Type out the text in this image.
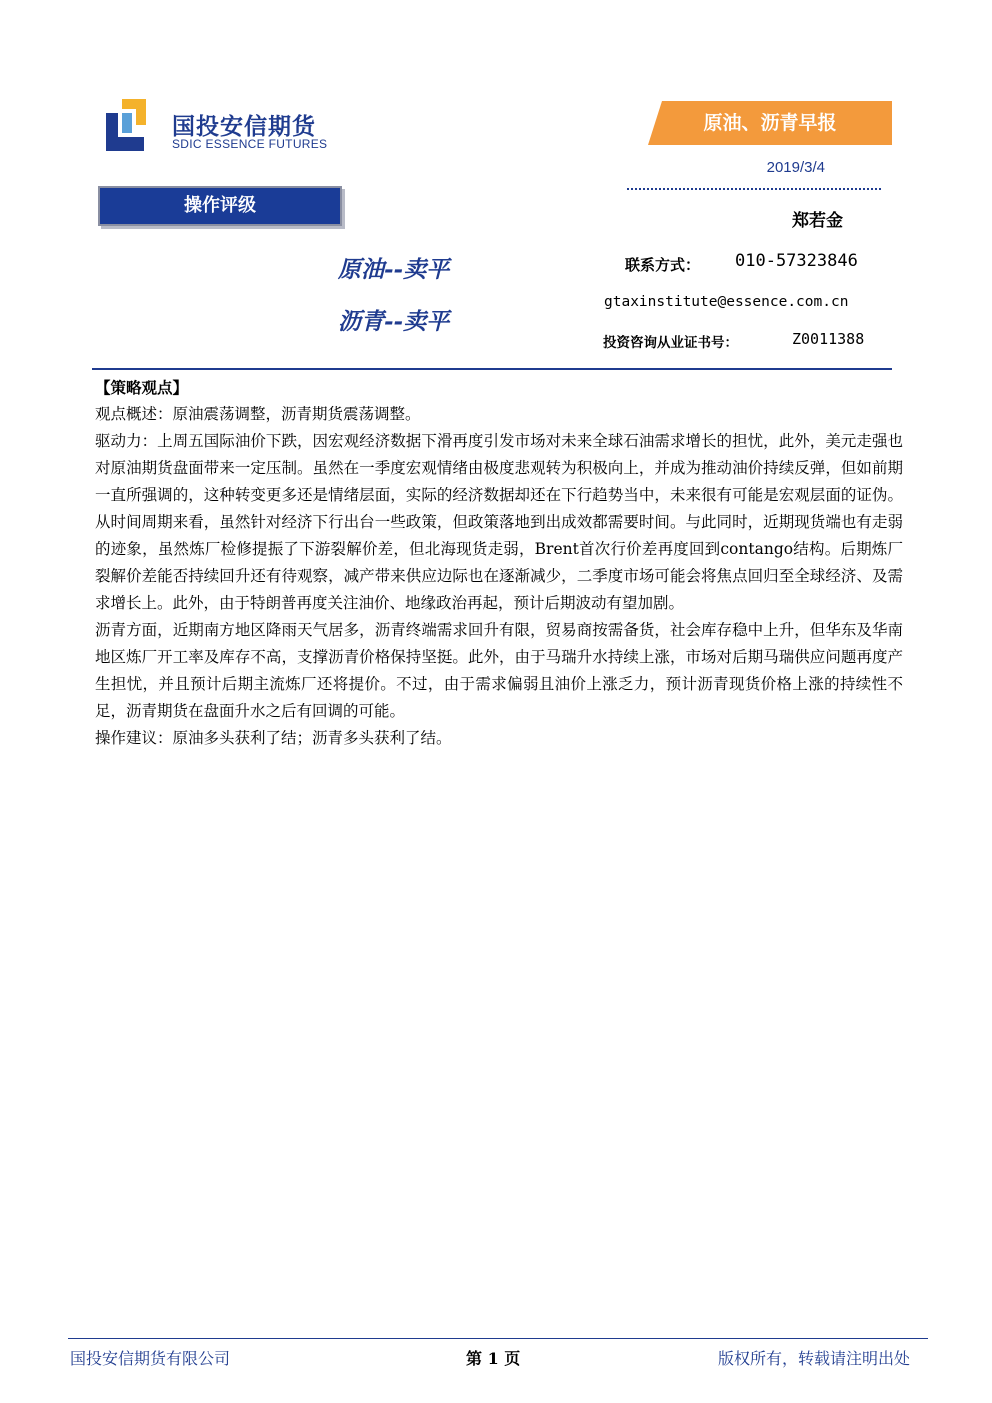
国投安信期货
SDIC ESSENCE FUTURES
原油、沥青早报
2019/3/4
操作评级
原油--卖平
沥青--卖平
郑若金
联系方式： 010-57323846
gtaxinstitute@essence.com.cn
投资咨询从业证书号：	Z0011388

【策略观点】

观点概述：原油震荡调整，沥青期货震荡调整。

驱动力：上周五国际油价下跌，因宏观经济数据下滑再度引发市场对未来全球石油需求增长的担忧，此外，美元走强也对原油期货盘面带来一定压制。虽然在一季度宏观情绪由极度悲观转为积极向上，并成为推动油价持续反弹，但如前期一直所强调的，这种转变更多还是情绪层面，实际的经济数据却还在下行趋势当中，未来很有可能是宏观层面的证伪。从时间周期来看，虽然针对经济下行出台一些政策，但政策落地到出成效都需要时间。与此同时，近期现货端也有走弱的迹象，虽然炼厂检修提振了下游裂解价差，但北海现货走弱，Brent首次行价差再度回到contango结构。后期炼厂裂解价差能否持续回升还有待观察，减产带来供应边际也在逐渐减少，二季度市场可能会将焦点回归至全球经济、及需求增长上。此外，由于特朗普再度关注油价、地缘政治再起，预计后期波动有望加剧。

沥青方面，近期南方地区降雨天气居多，沥青终端需求回升有限，贸易商按需备货，社会库存稳中上升，但华东及华南地区炼厂开工率及库存不高，支撑沥青价格保持坚挺。此外，由于马瑞升水持续上涨，市场对后期马瑞供应问题再度产生担忧，并且预计后期主流炼厂还将提价。不过，由于需求偏弱且油价上涨乏力，预计沥青现货价格上涨的持续性不足，沥青期货在盘面升水之后有回调的可能。

操作建议：原油多头获利了结；沥青多头获利了结。

国投安信期货有限公司	第 1 页	版权所有，转载请注明出处
